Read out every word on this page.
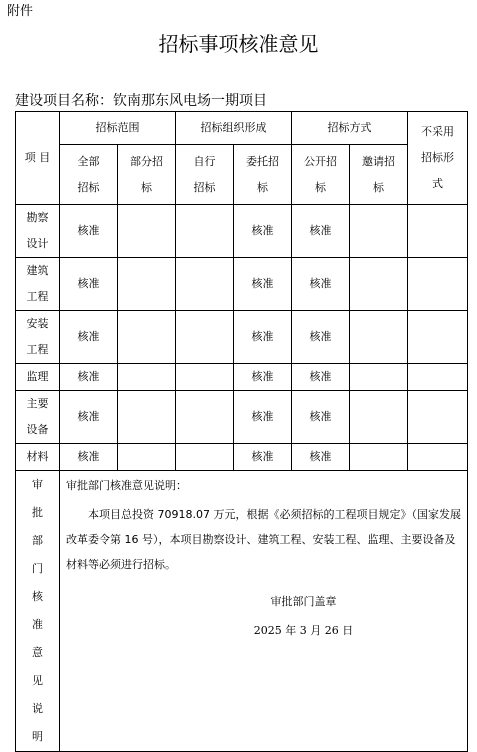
附件
招标事项核准意见
建设项目名称：钦南那东风电场一期项目
项 目	招标范围		招标组织形成		招标方式		不采用招标形式
	全部招标	部分招标	自行招标	委托招标	公开招标	邀请招标	
勘察设计	核准			核准	核准		
建筑工程	核准			核准	核准		
安装工程	核准			核准	核准		
监理	核准			核准	核准		
主要设备	核准			核准	核准		
材料	核准			核准	核准		
审批部门核准意见说明	审批部门核准意见说明：
本项目总投资 70918.07 万元，根据《必须招标的工程项目规定》（国家发展改革委令第 16 号），本项目勘察设计、建筑工程、安装工程、监理、主要设备及材料等必须进行招标。
审批部门盖章
2025 年 3 月 26 日						
